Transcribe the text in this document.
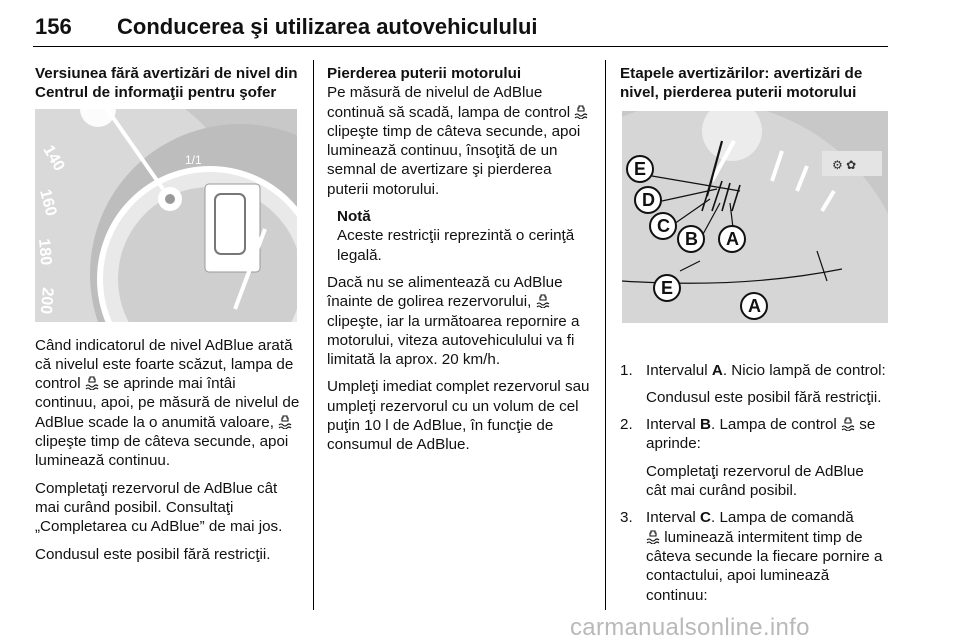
156 Conducerea şi utilizarea autovehiculului

Versiunea fără avertizări de nivel din Centrul de informaţii pentru şofer

Când indicatorul de nivel AdBlue arată că nivelul este foarte scăzut, lampa de control se aprinde mai întâi continuu, apoi, pe măsură de nivelul de AdBlue scade la o anumită valoare,  clipeşte timp de câteva secunde, apoi luminează continuu.

Completaţi rezervorul de AdBlue cât mai curând posibil. Consultaţi „Completarea cu AdBlue” de mai jos.

Condusul este posibil fără restricţii.

140
160
180
200
1/1

Pierderea puterii motorului

Pe măsură de nivelul de AdBlue continuă să scadă, lampa de control  clipeşte timp de câteva secunde, apoi luminează continuu, însoţită de un semnal de avertizare şi pierderea puterii motorului.

Notă
Aceste restricţii reprezintă o cerinţă legală.

Dacă nu se alimentează cu AdBlue înainte de golirea rezervorului,  clipeşte, iar la următoarea repornire a motorului, viteza autovehiculului va fi limitată la aprox. 20 km/h.

Umpleţi imediat complet rezervorul sau umpleţi rezervorul cu un volum de cel puţin 10 l de AdBlue, în funcţie de consumul de AdBlue.

Etapele avertizărilor: avertizări de nivel, pierderea puterii motorului

1. Intervalul A. Nicio lampă de control:

Condusul este posibil fără restricţii.

2. Interval B. Lampa de control se aprinde:

Completaţi rezervorul de AdBlue cât mai curând posibil.

3. Interval C. Lampa de comandă
luminează intermitent timp de câteva secunde la fiecare pornire a contactului, apoi luminează continuu:

⚙ ✿
E
D
C
B A
E
A
carmanualsonline.info
